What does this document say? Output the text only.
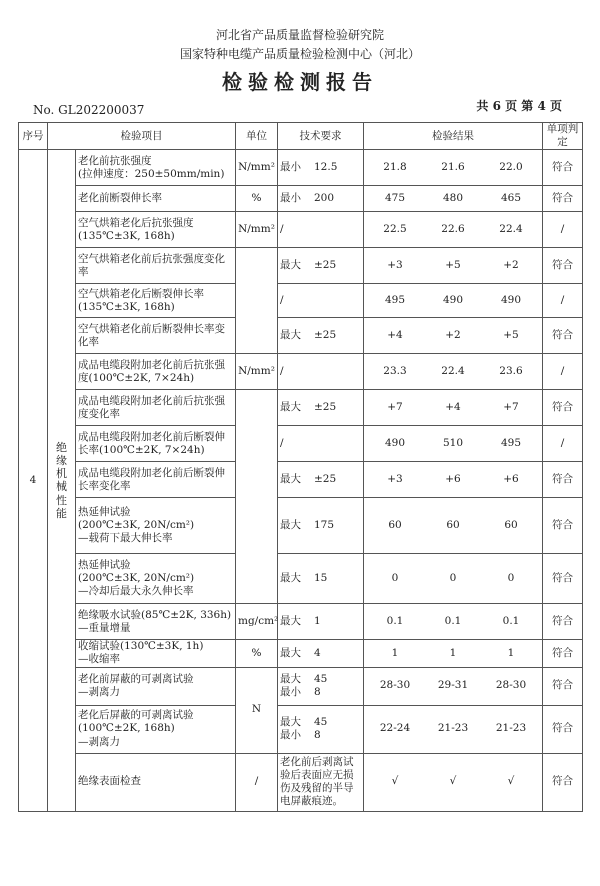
河北省产品质量监督检验研究院
国家特种电缆产品质量检验检测中心（河北）
检验检测报告
No. GL202200037	共 6 页 第 4 页
序号	检验项目		单位	技术要求	检验结果	单项判定
4	绝缘机械性能	老化前抗张强度
(拉伸速度：250±50mm/min)	N/mm²	最小 12.5	21.8 21.6 22.0	符合
		老化前断裂伸长率	%	最小 200	475 480 465	符合
		空气烘箱老化后抗张强度
(135℃±3K, 168h)	N/mm²	/	22.5 22.6 22.4	/
		空气烘箱老化前后抗张强度变化率		最大 ±25	+3 +5 +2	符合
		空气烘箱老化后断裂伸长率
(135℃±3K, 168h)		/	495 490 490	/
		空气烘箱老化前后断裂伸长率变化率		最大 ±25	+4 +2 +5	符合
		成品电缆段附加老化前后抗张强度(100℃±2K, 7×24h)	N/mm²	/	23.3 22.4 23.6	/
		成品电缆段附加老化前后抗张强度变化率		最大 ±25	+7 +4 +7	符合
		成品电缆段附加老化前后断裂伸长率(100℃±2K, 7×24h)		/	490 510 495	/
		成品电缆段附加老化前后断裂伸长率变化率		最大 ±25	+3 +6 +6	符合
		热延伸试验
(200℃±3K, 20N/cm²)
—载荷下最大伸长率		最大 175	60 60 60	符合
		热延伸试验
(200℃±3K, 20N/cm²)
—冷却后最大永久伸长率		最大 15	0 0 0	符合
		绝缘吸水试验(85℃±2K, 336h)
—重量增量	mg/cm²	最大 1	0.1 0.1 0.1	符合
		收缩试验(130℃±3K, 1h)
—收缩率	%	最大 4	1 1 1	符合
		老化前屏蔽的可剥离试验
—剥离力	N	最大
最小
45
8	28-30 29-31 28-30	符合
		老化后屏蔽的可剥离试验
(100℃±2K, 168h)
—剥离力		最大
最小
45
8	22-24 21-23 21-23	符合
		绝缘表面检查	/	老化前后剥离试验后表面应无损伤及残留的半导电屏蔽痕迹。	√ √ √	符合
